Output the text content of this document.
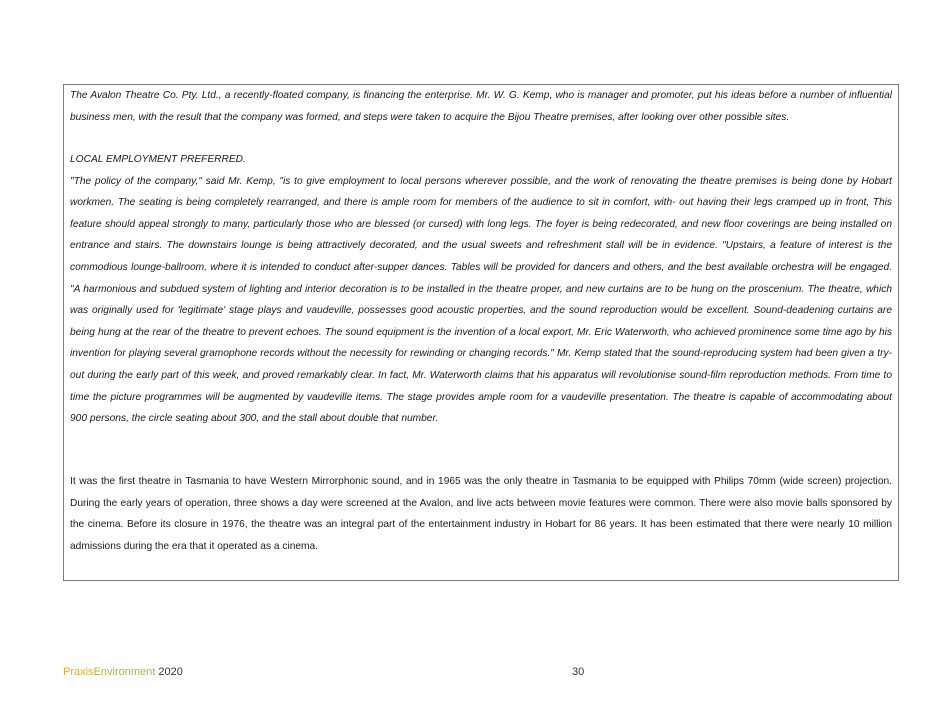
The Avalon Theatre Co. Pty. Ltd., a recently-floated company, is financing the enterprise. Mr. W. G. Kemp, who is manager and promoter, put his ideas before a number of influential business men, with the result that the company was formed, and steps were taken to acquire the Bijou Theatre premises, after looking over other possible sites.

LOCAL EMPLOYMENT PREFERRED.

"The policy of the company," said Mr. Kemp, "is to give employment to local persons wherever possible, and the work of renovating the theatre premises is being done by Hobart workmen. The seating is being completely rearranged, and there is ample room for members of the audience to sit in comfort, with- out having their legs cramped up in front, This feature should appeal strongly to many, particularly those who are blessed (or cursed) with long legs. The foyer is being redecorated, and new floor coverings are being installed on entrance and stairs. The downstairs lounge is being attractively decorated, and the usual sweets and refreshment stall will be in evidence. "Upstairs, a feature of interest is the commodious lounge-ballroom, where it is intended to conduct after-supper dances. Tables will be provided for dancers and others, and the best available orchestra will be engaged. "A harmonious and subdued system of lighting and interior decoration is to be installed in the theatre proper, and new curtains are to be hung on the proscenium. The theatre, which was originally used for 'legitimate' stage plays and vaudeville, possesses good acoustic properties, and the sound reproduction would be excellent. Sound-deadening curtains are being hung at the rear of the theatre to prevent echoes. The sound equipment is the invention of a local export, Mr. Eric Waterworth, who achieved prominence some time ago by his invention for playing several gramophone records without the necessity for rewinding or changing records." Mr. Kemp stated that the sound-reproducing system had been given a try-out during the early part of this week, and proved remarkably clear. In fact, Mr. Waterworth claims that his apparatus will revolutionise sound-film reproduction methods. From time to time the picture programmes will be augmented by vaudeville items. The stage provides ample room for a vaudeville presentation. The theatre is capable of accommodating about 900 persons, the circle seating about 300, and the stall about double that number.

It was the first theatre in Tasmania to have Western Mirrorphonic sound, and in 1965 was the only theatre in Tasmania to be equipped with Philips 70mm (wide screen) projection. During the early years of operation, three shows a day were screened at the Avalon, and live acts between movie features were common. There were also movie balls sponsored by the cinema. Before its closure in 1976, the theatre was an integral part of the entertainment industry in Hobart for 86 years. It has been estimated that there were nearly 10 million admissions during the era that it operated as a cinema.

PraxisEnvironment 2020	30
